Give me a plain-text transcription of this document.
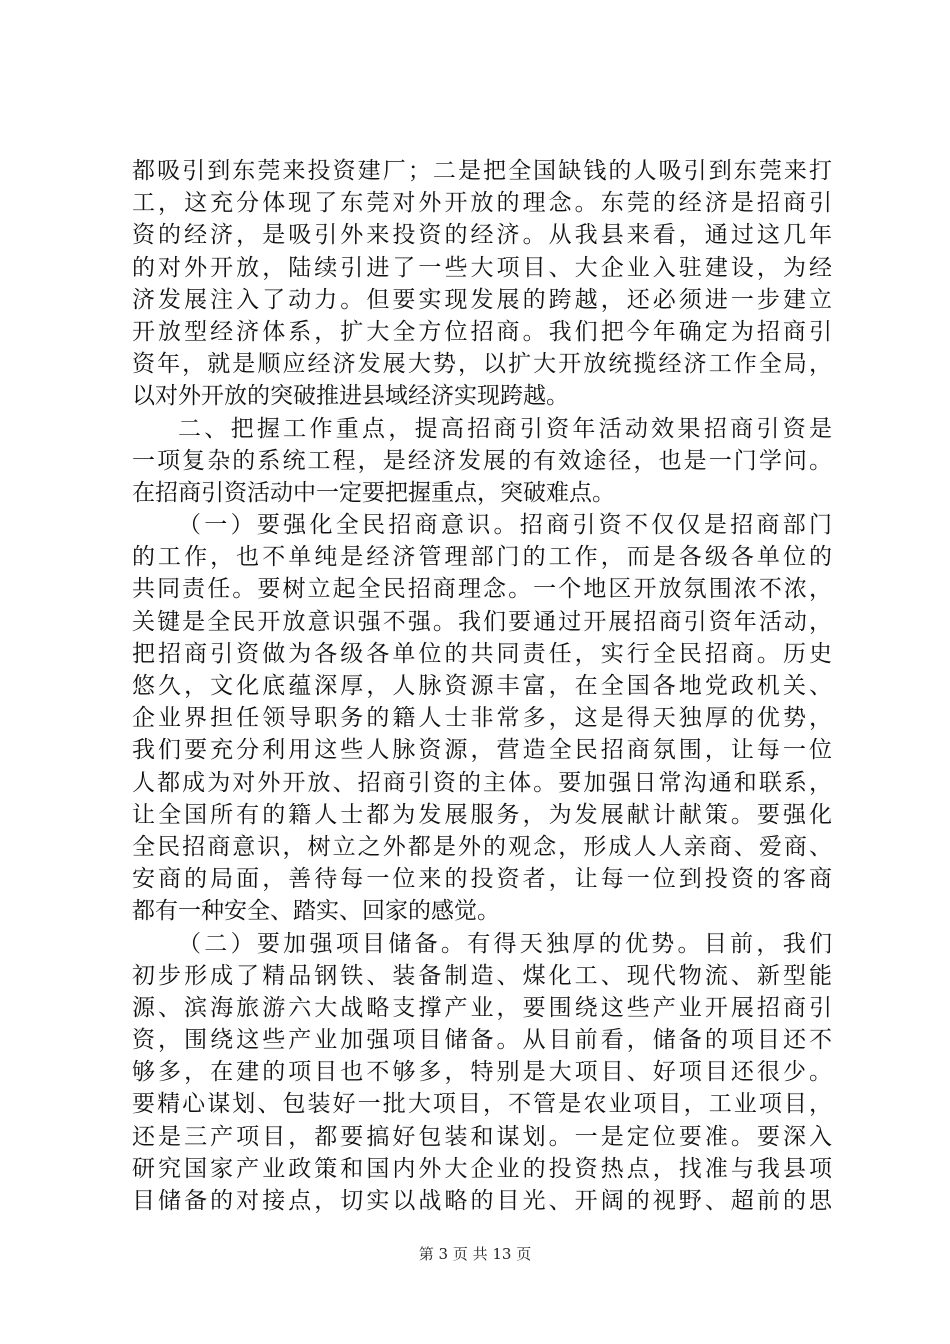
都吸引到东莞来投资建厂；二是把全国缺钱的人吸引到东莞来打
工，这充分体现了东莞对外开放的理念。东莞的经济是招商引
资的经济，是吸引外来投资的经济。从我县来看，通过这几年
的对外开放，陆续引进了一些大项目、大企业入驻建设，为经
济发展注入了动力。但要实现发展的跨越，还必须进一步建立
开放型经济体系，扩大全方位招商。我们把今年确定为招商引
资年，就是顺应经济发展大势，以扩大开放统揽经济工作全局，
以对外开放的突破推进县域经济实现跨越。
二、把握工作重点，提高招商引资年活动效果招商引资是
一项复杂的系统工程，是经济发展的有效途径，也是一门学问。
在招商引资活动中一定要把握重点，突破难点。
（一）要强化全民招商意识。招商引资不仅仅是招商部门
的工作，也不单纯是经济管理部门的工作，而是各级各单位的
共同责任。要树立起全民招商理念。一个地区开放氛围浓不浓，
关键是全民开放意识强不强。我们要通过开展招商引资年活动，
把招商引资做为各级各单位的共同责任，实行全民招商。历史
悠久，文化底蕴深厚，人脉资源丰富，在全国各地党政机关、
企业界担任领导职务的籍人士非常多，这是得天独厚的优势，
我们要充分利用这些人脉资源，营造全民招商氛围，让每一位
人都成为对外开放、招商引资的主体。要加强日常沟通和联系，
让全国所有的籍人士都为发展服务，为发展献计献策。要强化
全民招商意识，树立之外都是外的观念，形成人人亲商、爱商、
安商的局面，善待每一位来的投资者，让每一位到投资的客商
都有一种安全、踏实、回家的感觉。
（二）要加强项目储备。有得天独厚的优势。目前，我们
初步形成了精品钢铁、装备制造、煤化工、现代物流、新型能
源、滨海旅游六大战略支撑产业，要围绕这些产业开展招商引
资，围绕这些产业加强项目储备。从目前看，储备的项目还不
够多，在建的项目也不够多，特别是大项目、好项目还很少。
要精心谋划、包装好一批大项目，不管是农业项目，工业项目，
还是三产项目，都要搞好包装和谋划。一是定位要准。要深入
研究国家产业政策和国内外大企业的投资热点，找准与我县项
目储备的对接点，切实以战略的目光、开阔的视野、超前的思
第 3 页 共 13 页
